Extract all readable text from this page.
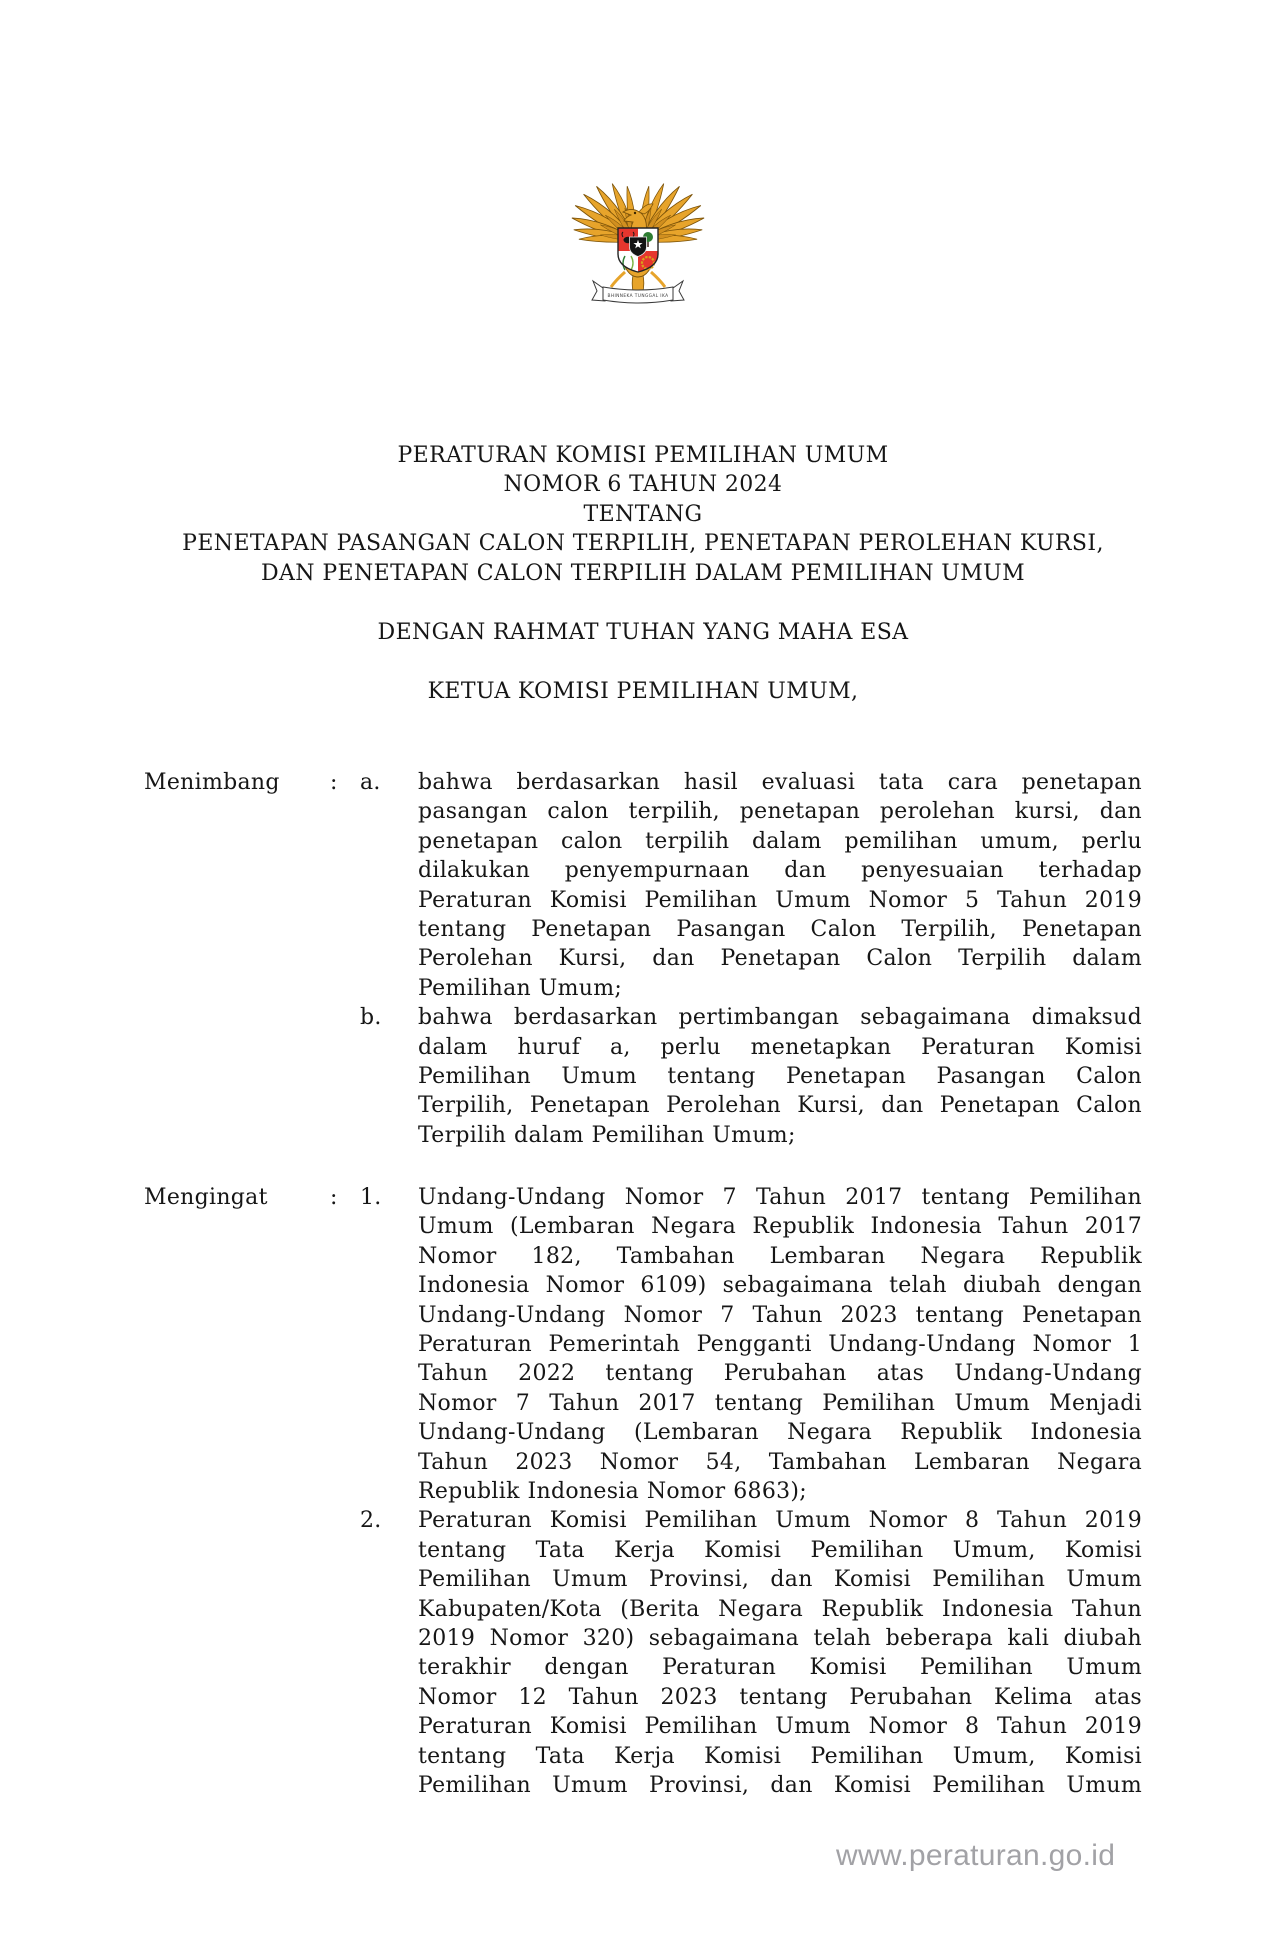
BHINNEKA TUNGGAL IKA
PERATURAN KOMISI PEMILIHAN UMUM
NOMOR 6 TAHUN 2024
TENTANG
PENETAPAN PASANGAN CALON TERPILIH, PENETAPAN PEROLEHAN KURSI,
DAN PENETAPAN CALON TERPILIH DALAM PEMILIHAN UMUM
DENGAN RAHMAT TUHAN YANG MAHA ESA
KETUA KOMISI PEMILIHAN UMUM,
Menimbang : a. bahwa berdasarkan hasil evaluasi tata cara penetapan
pasangan calon terpilih, penetapan perolehan kursi, dan
penetapan calon terpilih dalam pemilihan umum, perlu
dilakukan penyempurnaan dan penyesuaian terhadap
Peraturan Komisi Pemilihan Umum Nomor 5 Tahun 2019
tentang Penetapan Pasangan Calon Terpilih, Penetapan
Perolehan Kursi, dan Penetapan Calon Terpilih dalam
Pemilihan Umum;
b. bahwa berdasarkan pertimbangan sebagaimana dimaksud
dalam huruf a, perlu menetapkan Peraturan Komisi
Pemilihan Umum tentang Penetapan Pasangan Calon
Terpilih, Penetapan Perolehan Kursi, dan Penetapan Calon
Terpilih dalam Pemilihan Umum;
Mengingat	: 1. Undang-Undang Nomor 7 Tahun 2017 tentang Pemilihan
Umum (Lembaran Negara Republik Indonesia Tahun 2017
Nomor 182, Tambahan Lembaran Negara Republik
Indonesia Nomor 6109) sebagaimana telah diubah dengan
Undang-Undang Nomor 7 Tahun 2023 tentang Penetapan
Peraturan Pemerintah Pengganti Undang-Undang Nomor 1
Tahun 2022 tentang Perubahan atas Undang-Undang
Nomor 7 Tahun 2017 tentang Pemilihan Umum Menjadi
Undang-Undang (Lembaran Negara Republik Indonesia
Tahun 2023 Nomor 54, Tambahan Lembaran Negara
Republik Indonesia Nomor 6863);
2. Peraturan Komisi Pemilihan Umum Nomor 8 Tahun 2019
tentang Tata Kerja Komisi Pemilihan Umum, Komisi
Pemilihan Umum Provinsi, dan Komisi Pemilihan Umum
Kabupaten/Kota (Berita Negara Republik Indonesia Tahun
2019 Nomor 320) sebagaimana telah beberapa kali diubah
terakhir dengan Peraturan Komisi Pemilihan Umum
Nomor 12 Tahun 2023 tentang Perubahan Kelima atas
Peraturan Komisi Pemilihan Umum Nomor 8 Tahun 2019
tentang Tata Kerja Komisi Pemilihan Umum, Komisi
Pemilihan Umum Provinsi, dan Komisi Pemilihan Umum
www.peraturan.go.id
